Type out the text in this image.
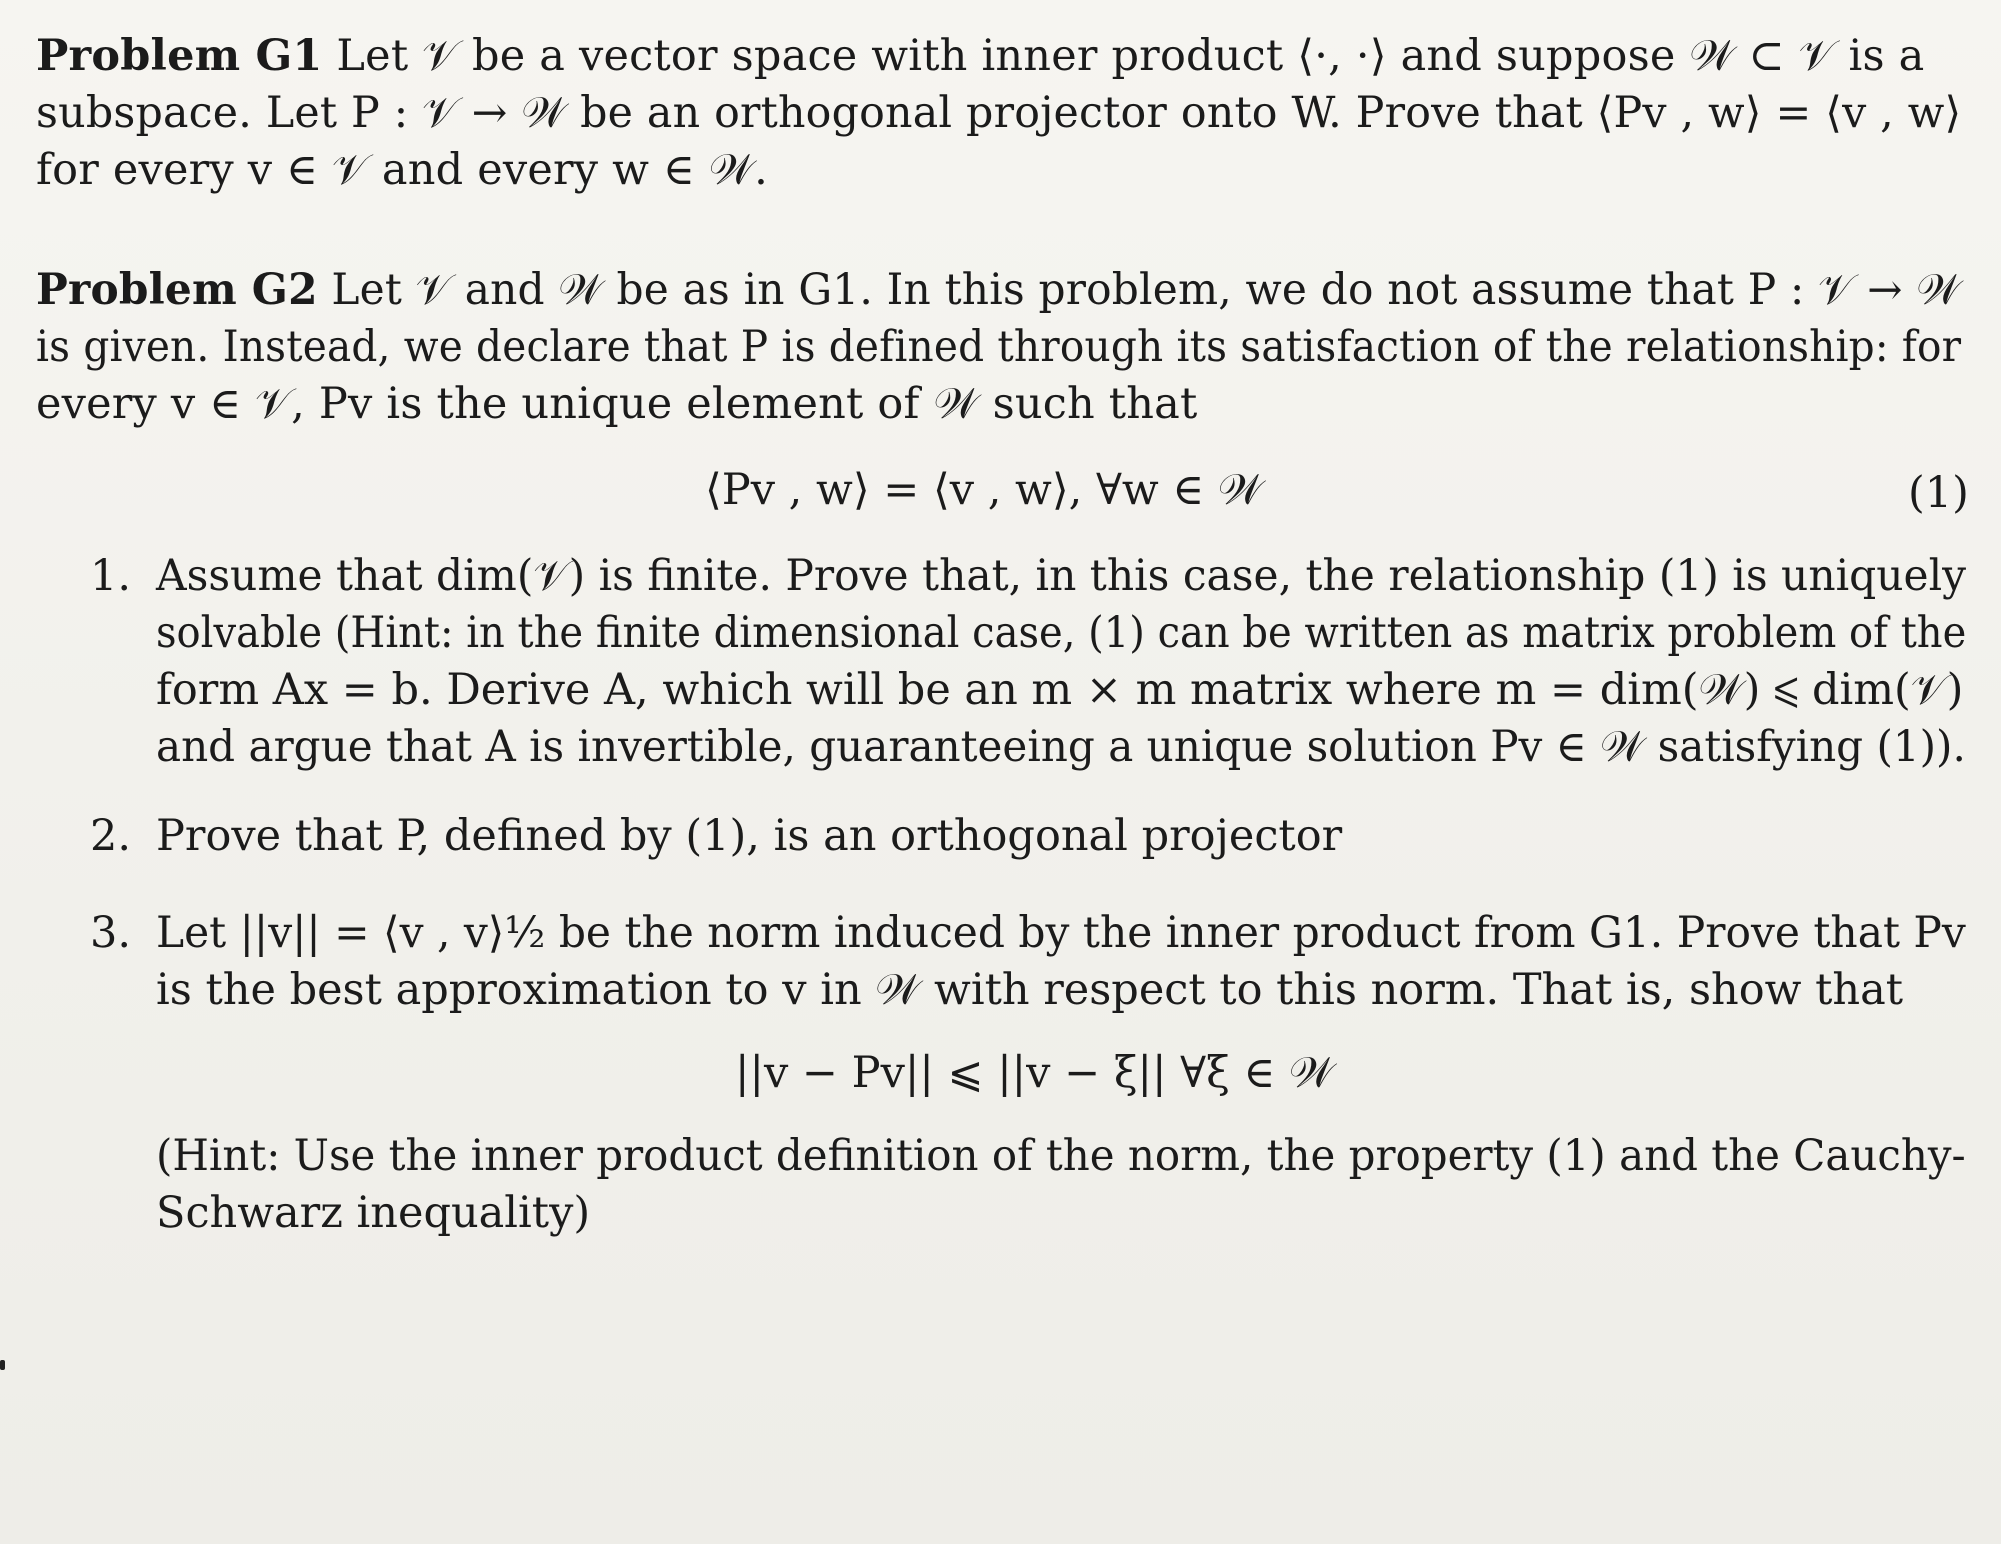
Problem G1 Let 𝒱 be a vector space with inner product ⟨·, ·⟩ and suppose 𝒲 ⊂ 𝒱 is a
subspace. Let P : 𝒱 → 𝒲 be an orthogonal projector onto W. Prove that ⟨Pv , w⟩ = ⟨v , w⟩
for every v ∈ 𝒱 and every w ∈ 𝒲.
Problem G2 Let 𝒱 and 𝒲 be as in G1. In this problem, we do not assume that P : 𝒱 → 𝒲
is given. Instead, we declare that P is defined through its satisfaction of the relationship: for
every v ∈ 𝒱, Pv is the unique element of 𝒲 such that
⟨Pv , w⟩ = ⟨v , w⟩, ∀w ∈ 𝒲	(1)
1. Assume that dim(𝒱) is finite. Prove that, in this case, the relationship (1) is uniquely
solvable (Hint: in the finite dimensional case, (1) can be written as matrix problem of the
form Ax = b. Derive A, which will be an m × m matrix where m = dim(𝒲) ⩽ dim(𝒱)
and argue that A is invertible, guaranteeing a unique solution Pv ∈ 𝒲 satisfying (1)).
2. Prove that P, defined by (1), is an orthogonal projector
3. Let ||v|| = ⟨v , v⟩½ be the norm induced by the inner product from G1. Prove that Pv
is the best approximation to v in 𝒲 with respect to this norm. That is, show that
||v − Pv|| ⩽ ||v − ξ|| ∀ξ ∈ 𝒲
(Hint: Use the inner product definition of the norm, the property (1) and the Cauchy-
Schwarz inequality)
